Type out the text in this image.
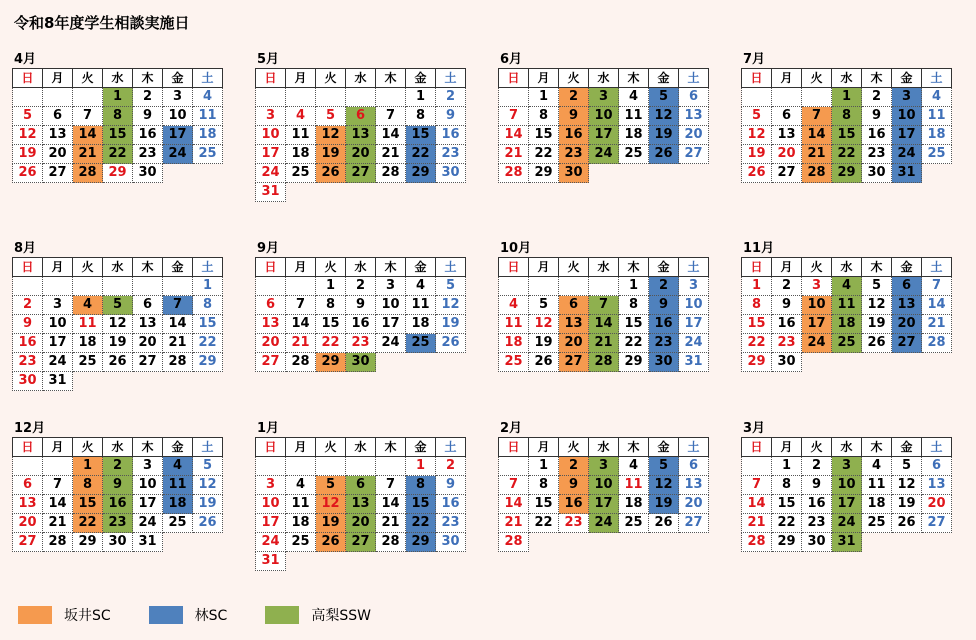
令和8年度学生相談実施日
4月
日	月	火	水	木	金	土
			1	2	3	4
5	6	7	8	9	10	11
12	13	14	15	16	17	18
19	20	21	22	23	24	25
26	27	28	29	30		
5月
日	月	火	水	木	金	土
					1	2
3	4	5	6	7	8	9
10	11	12	13	14	15	16
17	18	19	20	21	22	23
24	25	26	27	28	29	30
31						
6月
日	月	火	水	木	金	土
	1	2	3	4	5	6
7	8	9	10	11	12	13
14	15	16	17	18	19	20
21	22	23	24	25	26	27
28	29	30				
7月
日	月	火	水	木	金	土
			1	2	3	4
5	6	7	8	9	10	11
12	13	14	15	16	17	18
19	20	21	22	23	24	25
26	27	28	29	30	31	
8月
日	月	火	水	木	金	土
						1
2	3	4	5	6	7	8
9	10	11	12	13	14	15
16	17	18	19	20	21	22
23	24	25	26	27	28	29
30	31					
9月
日	月	火	水	木	金	土
		1	2	3	4	5
6	7	8	9	10	11	12
13	14	15	16	17	18	19
20	21	22	23	24	25	26
27	28	29	30			
10月
日	月	火	水	木	金	土
				1	2	3
4	5	6	7	8	9	10
11	12	13	14	15	16	17
18	19	20	21	22	23	24
25	26	27	28	29	30	31
11月
日	月	火	水	木	金	土
1	2	3	4	5	6	7
8	9	10	11	12	13	14
15	16	17	18	19	20	21
22	23	24	25	26	27	28
29	30					
12月
日	月	火	水	木	金	土
		1	2	3	4	5
6	7	8	9	10	11	12
13	14	15	16	17	18	19
20	21	22	23	24	25	26
27	28	29	30	31		
1月
日	月	火	水	木	金	土
					1	2
3	4	5	6	7	8	9
10	11	12	13	14	15	16
17	18	19	20	21	22	23
24	25	26	27	28	29	30
31						
2月
日	月	火	水	木	金	土
	1	2	3	4	5	6
7	8	9	10	11	12	13
14	15	16	17	18	19	20
21	22	23	24	25	26	27
28						
3月
日	月	火	水	木	金	土
	1	2	3	4	5	6
7	8	9	10	11	12	13
14	15	16	17	18	19	20
21	22	23	24	25	26	27
28	29	30	31			
坂井SC	林SC	高梨SSW
